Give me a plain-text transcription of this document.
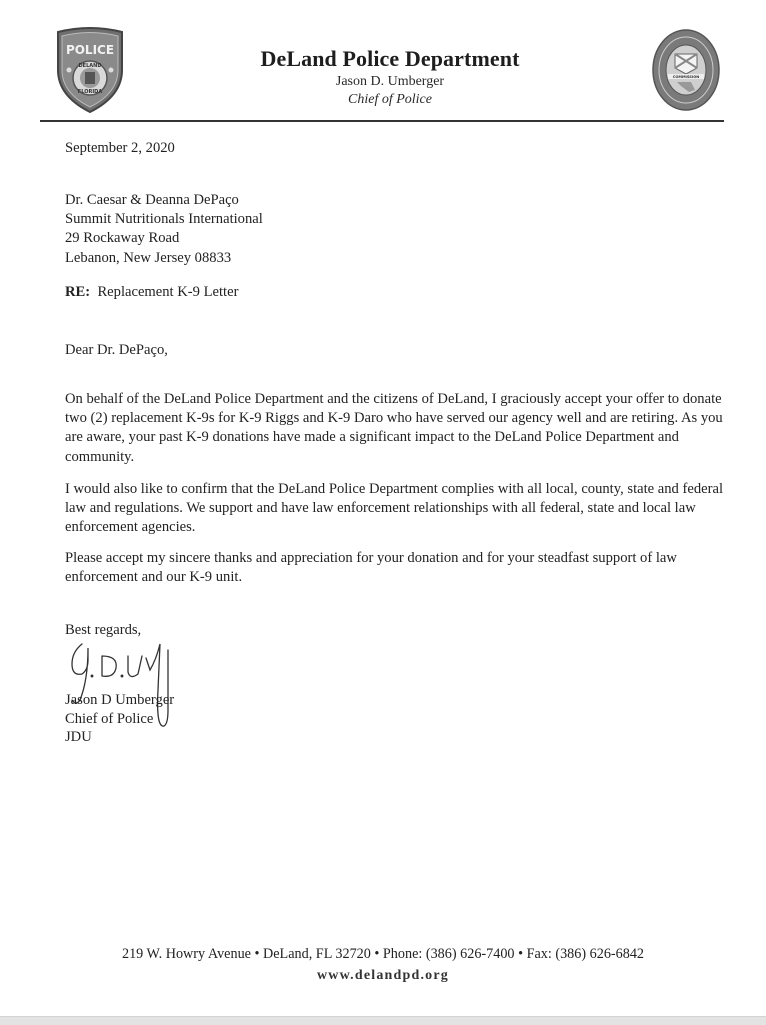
POLICE
DELAND
FLORIDA
DeLand Police Department
Jason D. Umberger
Chief of Police
COMMISSION
September 2, 2020
Dr. Caesar & Deanna DePaço
Summit Nutritionals International
29 Rockaway Road
Lebanon, New Jersey 08833
RE: Replacement K-9 Letter
Dear Dr. DePaço,
On behalf of the DeLand Police Department and the citizens of DeLand, I graciously accept your offer to donate two (2) replacement K-9s for K-9 Riggs and K-9 Daro who have served our agency well and are retiring. As you are aware, your past K-9 donations have made a significant impact to the DeLand Police Department and community.
I would also like to confirm that the DeLand Police Department complies with all local, county, state and federal law and regulations. We support and have law enforcement relationships with all federal, state and local law enforcement agencies.
Please accept my sincere thanks and appreciation for your donation and for your steadfast support of law enforcement and our K-9 unit.
Best regards,
Jason D Umberger
Chief of Police
JDU
219 W. Howry Avenue • DeLand, FL 32720 • Phone: (386) 626-7400 • Fax: (386) 626-6842
www.delandpd.org
